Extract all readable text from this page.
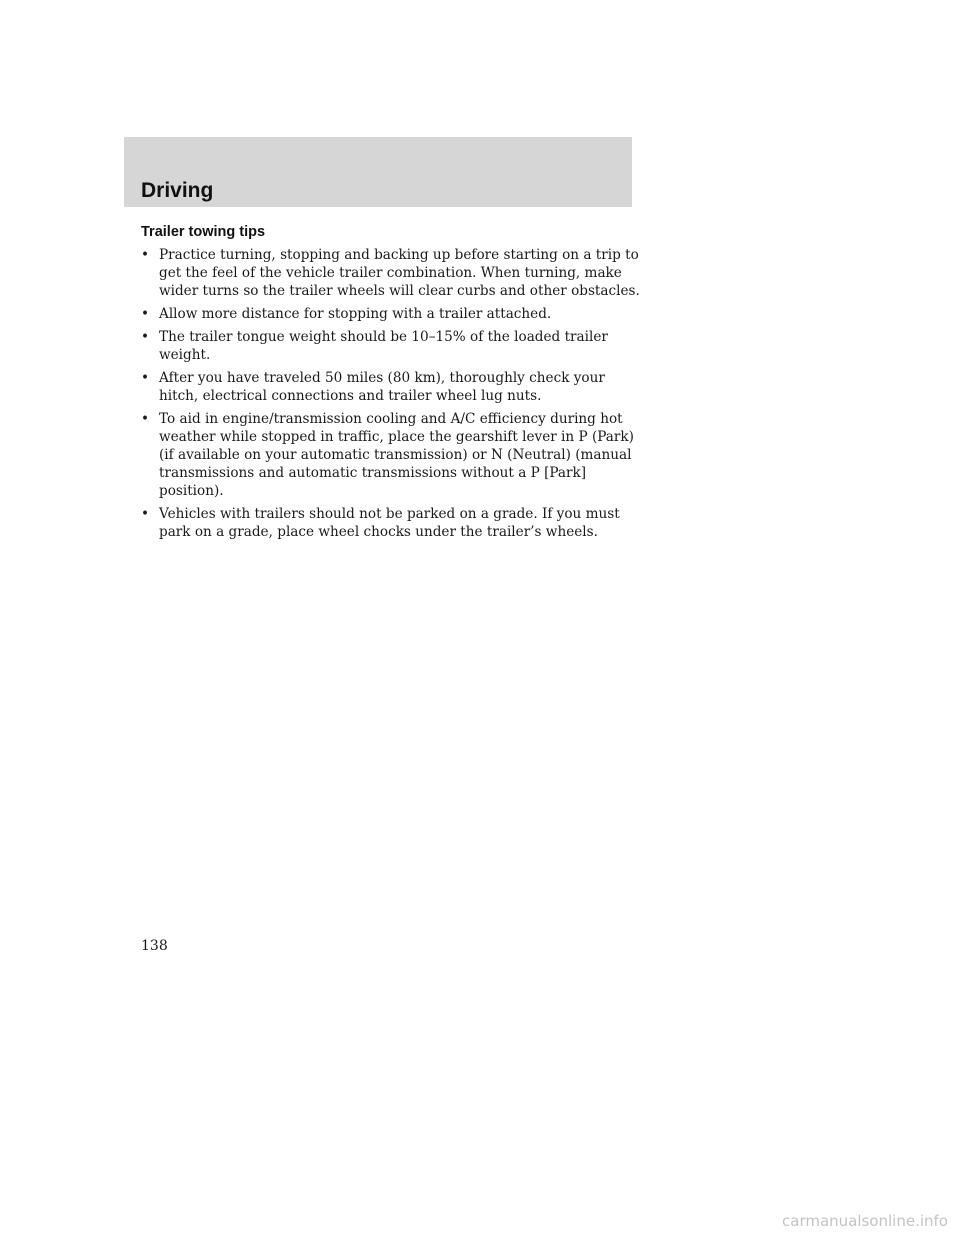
Driving
Trailer towing tips
• Practice turning, stopping and backing up before starting on a trip to get the feel of the vehicle trailer combination. When turning, make wider turns so the trailer wheels will clear curbs and other obstacles.
• Allow more distance for stopping with a trailer attached.
• The trailer tongue weight should be 10–15% of the loaded trailer weight.
• After you have traveled 50 miles (80 km), thoroughly check your hitch, electrical connections and trailer wheel lug nuts.
• To aid in engine/transmission cooling and A/C efficiency during hot weather while stopped in traffic, place the gearshift lever in P (Park) (if available on your automatic transmission) or N (Neutral) (manual transmissions and automatic transmissions without a P [Park] position).
• Vehicles with trailers should not be parked on a grade. If you must park on a grade, place wheel chocks under the trailer’s wheels.
138
carmanualsonline.info
